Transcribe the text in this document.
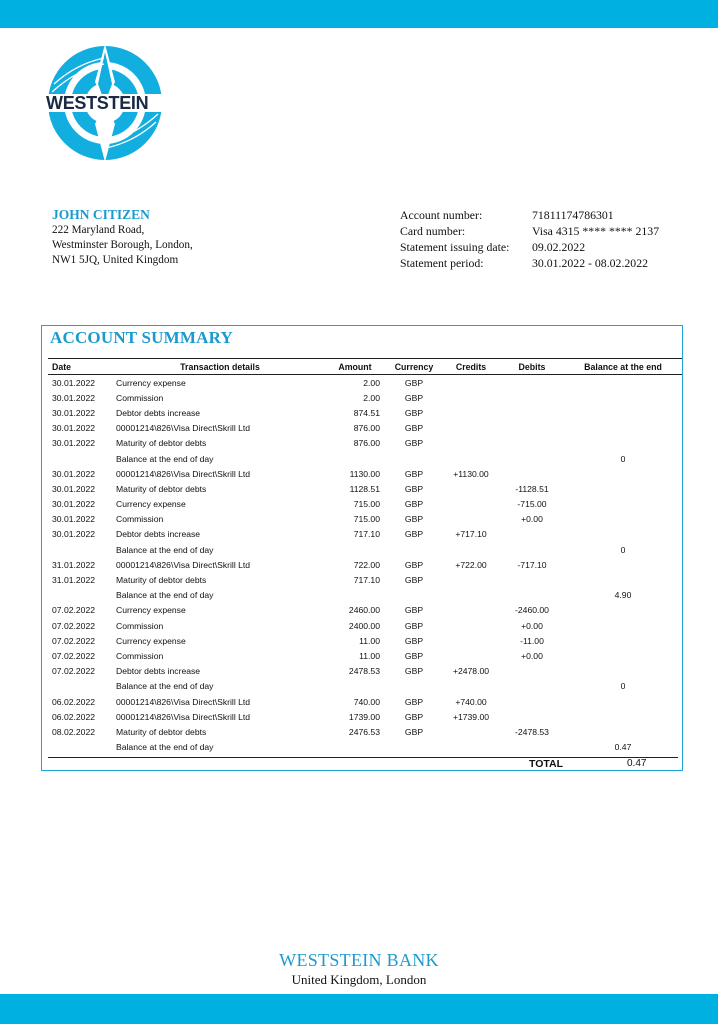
WESTSTEIN
JOHN CITIZEN
222 Maryland Road,
Westminster Borough, London,
NW1 5JQ, United Kingdom
Account number:	71811174786301
Card number:	Visa 4315 **** **** 2137
Statement issuing date:	09.02.2022
Statement period:	30.01.2022 - 08.02.2022
ACCOUNT SUMMARY
Date	Transaction details	Amount	Currency	Credits	Debits	Balance at the end
30.01.2022	Currency expense	2.00	GBP			
30.01.2022	Commission	2.00	GBP			
30.01.2022	Debtor debts increase	874.51	GBP			
30.01.2022	00001214\826\Visa Direct\Skrill Ltd	876.00	GBP			
30.01.2022	Maturity of debtor debts	876.00	GBP			
	Balance at the end of day					0
30.01.2022	00001214\826\Visa Direct\Skrill Ltd	1130.00	GBP	+1130.00		
30.01.2022	Maturity of debtor debts	1128.51	GBP		-1128.51	
30.01.2022	Currency expense	715.00	GBP		-715.00	
30.01.2022	Commission	715.00	GBP		+0.00	
30.01.2022	Debtor debts increase	717.10	GBP	+717.10		
	Balance at the end of day					0
31.01.2022	00001214\826\Visa Direct\Skrill Ltd	722.00	GBP	+722.00	-717.10	
31.01.2022	Maturity of debtor debts	717.10	GBP			
	Balance at the end of day					4.90
07.02.2022	Currency expense	2460.00	GBP		-2460.00	
07.02.2022	Commission	2400.00	GBP		+0.00	
07.02.2022	Currency expense	11.00	GBP		-11.00	
07.02.2022	Commission	11.00	GBP		+0.00	
07.02.2022	Debtor debts increase	2478.53	GBP	+2478.00		
	Balance at the end of day					0
06.02.2022	00001214\826\Visa Direct\Skrill Ltd	740.00	GBP	+740.00		
06.02.2022	00001214\826\Visa Direct\Skrill Ltd	1739.00	GBP	+1739.00		
08.02.2022	Maturity of debtor debts	2476.53	GBP		-2478.53	
	Balance at the end of day					0.47
TOTAL	0.47
WESTSTEIN BANK
United Kingdom, London
